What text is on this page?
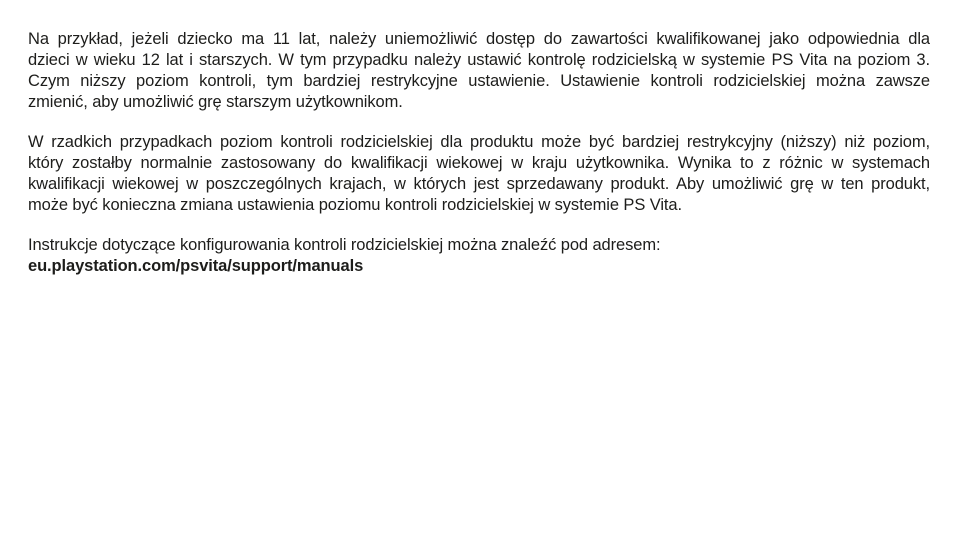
Na przykład, jeżeli dziecko ma 11 lat, należy uniemożliwić dostęp do zawartości kwalifikowanej jako odpowiednia dla
dzieci w wieku 12 lat i starszych. W tym przypadku należy ustawić kontrolę rodzicielską w systemie PS Vita na poziom 3.
Czym niższy poziom kontroli, tym bardziej restrykcyjne ustawienie. Ustawienie kontroli rodzicielskiej można zawsze
zmienić, aby umożliwić grę starszym użytkownikom.
W rzadkich przypadkach poziom kontroli rodzicielskiej dla produktu może być bardziej restrykcyjny (niższy) niż poziom,
który zostałby normalnie zastosowany do kwalifikacji wiekowej w kraju użytkownika. Wynika to z różnic w systemach
kwalifikacji wiekowej w poszczególnych krajach, w których jest sprzedawany produkt. Aby umożliwić grę w ten produkt,
może być konieczna zmiana ustawienia poziomu kontroli rodzicielskiej w systemie PS Vita.
Instrukcje dotyczące konfigurowania kontroli rodzicielskiej można znaleźć pod adresem:
eu.playstation.com/psvita/support/manuals
